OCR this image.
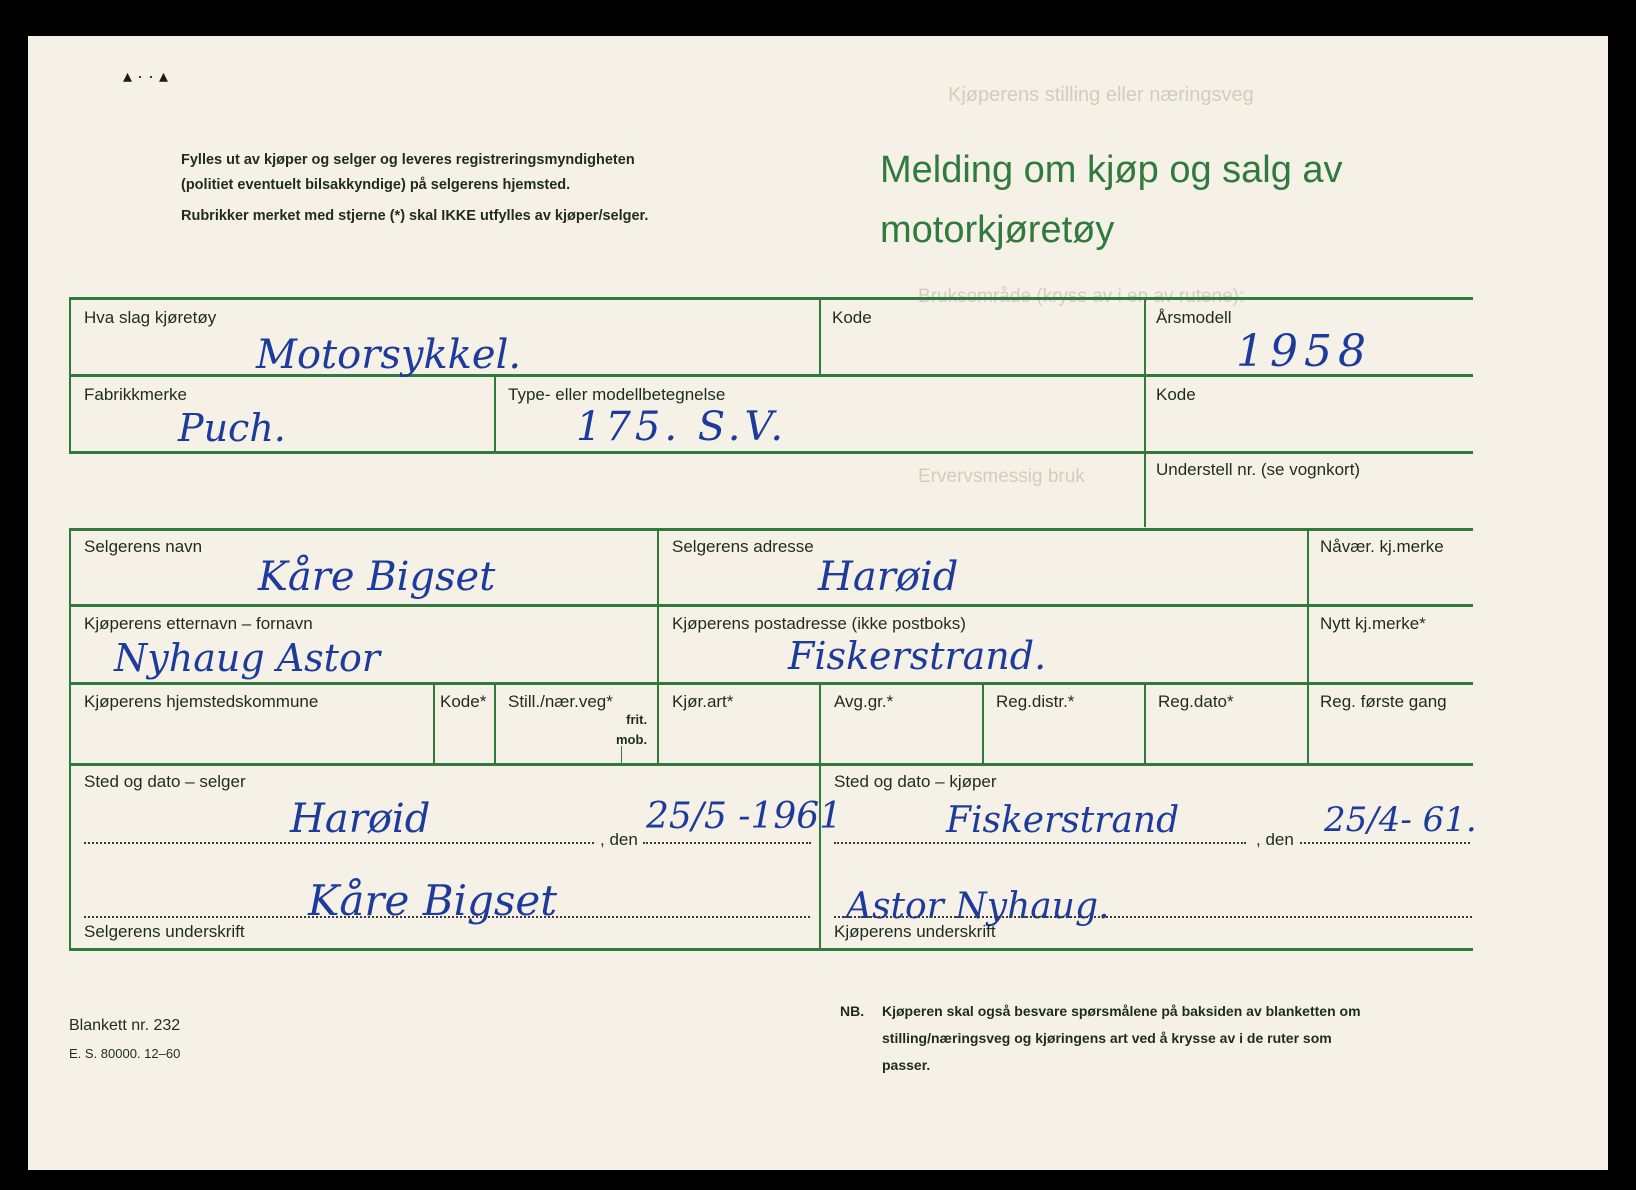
Kjøperens stilling eller næringsveg
Ervervsmessig bruk
▴ · · ▴
Fylles ut av kjøper og selger og leveres registreringsmyndigheten (politiet eventuelt bilsakkyndige) på selgerens hjemsted.
Rubrikker merket med stjerne (*) skal IKKE utfylles av kjøper/selger.
Melding om kjøp og salg av motorkjøretøy
Hva slag kjøretøy
Motorsykkel.
Kode	Årsmodell
1958
Fabrikkmerke
Puch.
Type- eller modellbetegnelse
175. S.V.
Kode
Understell nr. (se vognkort)
Selgerens navn
Kåre Bigset
Selgerens adresse
Harøid
Nåvær. kj.merke
Kjøperens etternavn – fornavn
Nyhaug Astor
Kjøperens postadresse (ikke postboks)
Fiskerstrand.
Nytt kj.merke*
Kjøperens hjemstedskommune	Kode* Still./nær.veg*
frit.
mob.
Kjør.art*	Avg.gr.*	Reg.distr.*	Reg.dato*	Reg. første gang
Sted og dato – selger
Harøid	, den
25/5 -1961
Sted og dato – kjøper
Fiskerstrand	, den 25/4- 61.
Kåre Bigset
Selgerens underskrift
Astor Nyhaug.
Kjøperens underskrift
Blankett nr. 232
E. S. 80000. 12–60
NB. Kjøperen skal også besvare spørsmålene på baksiden av blanketten om stilling/næringsveg og kjøringens art ved å krysse av i de ruter som passer.
